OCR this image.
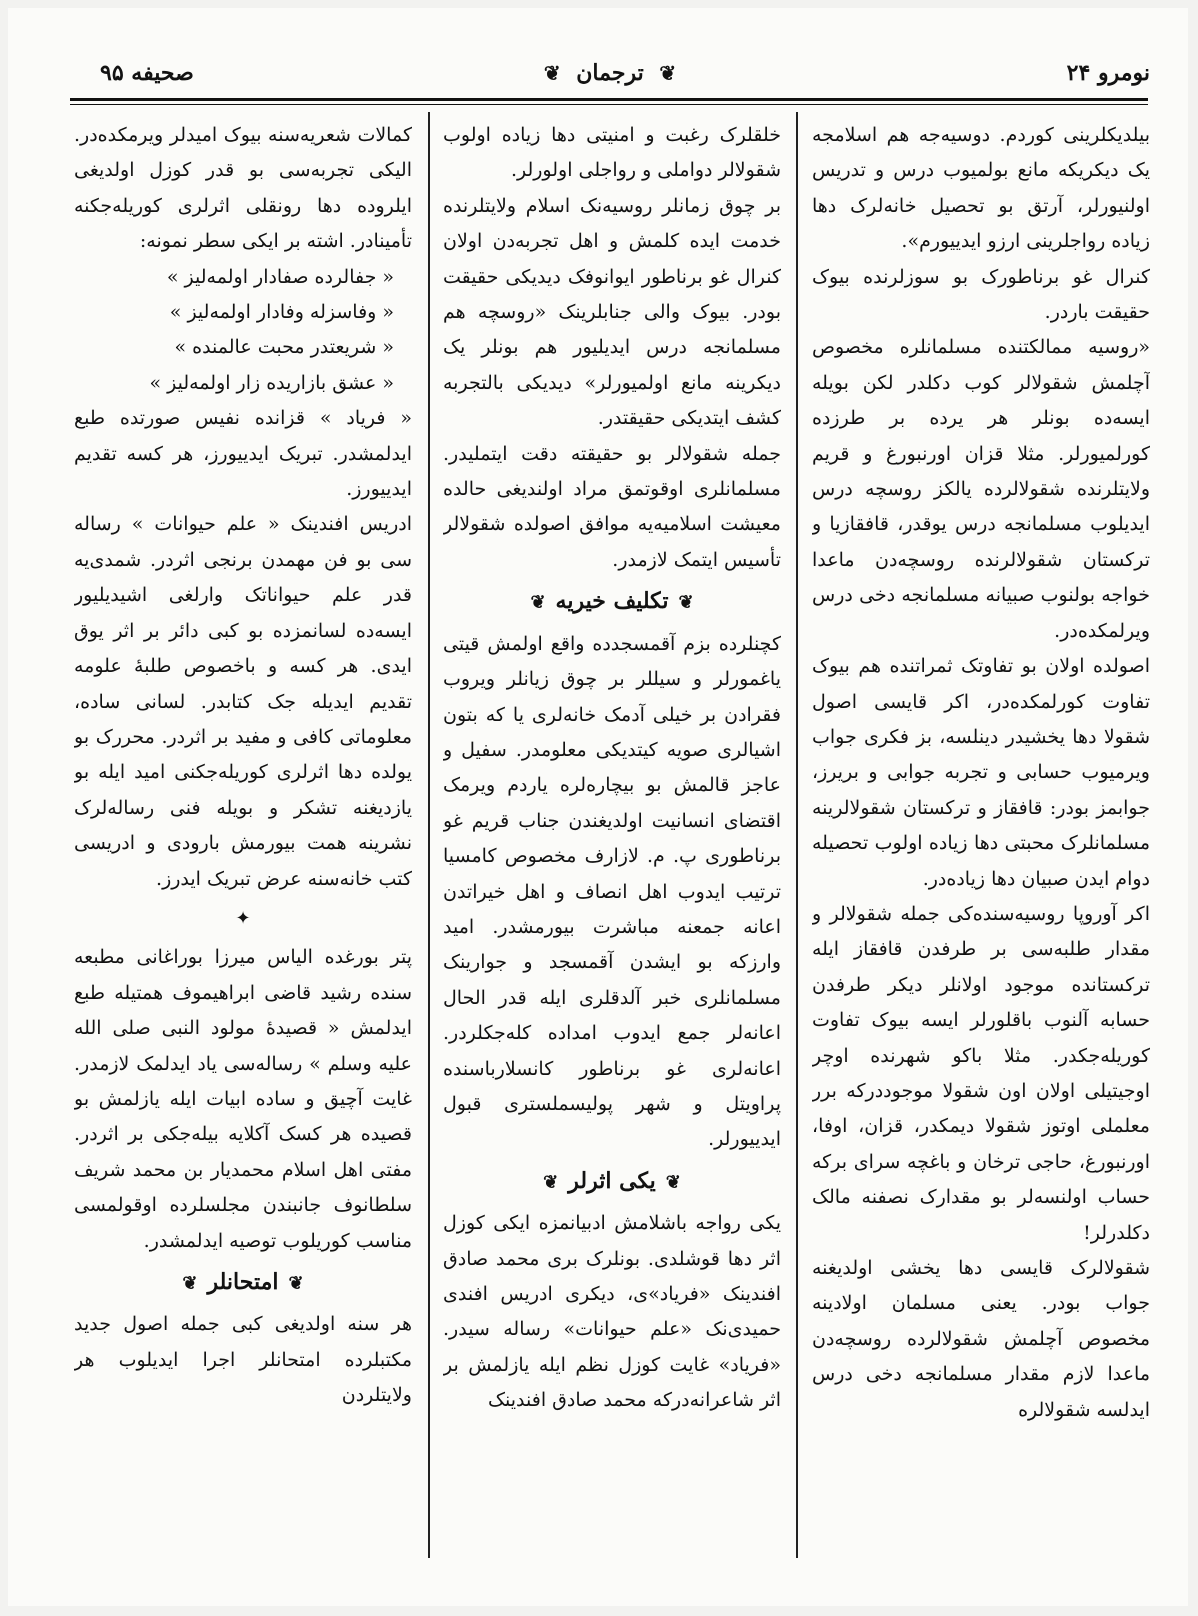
صحیفه ۹۵	❦ ترجمان ❦	نومرو ۲۴

بیلدیکلرینی کوردم. دوسیه‌جه هم اسلامجه یک دیکریکه مانع بولمیوب درس و تدریس اولنیورلر، آرتق بو تحصیل خانه‌لرک دها زیاده رواجلرینی ارزو ایدییورم».

کنرال غو برناطورک بو سوزلرنده بیوک حقیقت باردر.

«روسیه ممالکتنده مسلمانلره مخصوص آچلمش شقولالر کوب دکلدر لکن بویله ایسه‌ده بونلر هر یرده بر طرزده کورلمیورلر. مثلا قزان اورنبورغ و قریم ولایتلرنده شقولالرده یالکز روسچه درس ایدیلوب مسلمانجه درس یوقدر، قافقازیا و ترکستان شقولالرنده روسچه‌دن ماعدا خواجه بولنوب صبیانه مسلمانجه دخی درس ویرلمکده‌در.

اصولده اولان بو تفاوتک ثمراتنده هم بیوک تفاوت کورلمکده‌در، اکر قایسی اصول شقولا دها یخشیدر دینلسه، بز فکری جواب ویرمیوب حسابی و تجربه جوابی و بریرز، جوابمز بودر: قافقاز و ترکستان شقولالرینه مسلمانلرک محبتی دها زیاده اولوب تحصیله دوام ایدن صبیان دها زیاده‌در.

اکر آوروپا روسیه‌سنده‌کی جمله شقولالر و مقدار طلبه‌سی بر طرفدن قافقاز ایله ترکستانده موجود اولانلر دیکر طرفدن حسابه آلنوب باقلورلر ایسه بیوک تفاوت کوریله‌جکدر. مثلا باکو شهرنده اوچر اوجیتیلی اولان اون شقولا موجوددرکه برر معلملی اوتوز شقولا دیمکدر، قزان، اوفا، اورنبورغ، حاجی ترخان و باغچه سرای برکه حساب اولنسه‌لر بو مقدارک نصفنه مالک دکلدرلر!

شقولالرک قایسی دها یخشی اولدیغنه جواب بودر. یعنی مسلمان اولادینه مخصوص آچلمش شقولالرده روسچه‌دن ماعدا لازم مقدار مسلمانجه دخی درس ایدلسه شقولالره

خلقلرک رغبت و امنیتی دها زیاده اولوب شقولالر دواملی و رواجلی اولورلر.

بر چوق زمانلر روسیه‌نک اسلام ولایتلرنده خدمت ایده کلمش و اهل تجربه‌دن اولان کنرال غو برناطور ایوانوفک دیدیکی حقیقت بودر. بیوک والی جنابلرینک «روسچه هم مسلمانجه درس ایدیلیور هم بونلر یک دیکرینه مانع اولمیورلر» دیدیکی بالتجربه کشف ایتدیکی حقیقتدر.

جمله شقولالر بو حقیقته دقت ایتملیدر. مسلمانلری اوقوتمق مراد اولندیغی حالده معیشت اسلامیه‌یه موافق اصولده شقولالر تأسیس ایتمک لازمدر.

❦تکلیف خیریه❦

کچنلرده بزم آقمسجدده واقع اولمش قیتی یاغمورلر و سیللر بر چوق زیانلر ویروب فقرادن بر خیلی آدمک خانه‌لری یا که بتون اشیالری صویه کیتدیکی معلومدر. سفیل و عاجز قالمش بو بیچاره‌لره یاردم ویرمک اقتضای انسانیت اولدیغندن جناب قریم غو برناطوری پ. م. لازارف مخصوص کامسیا ترتیب ایدوب اهل انصاف و اهل خیراتدن اعانه جمعنه مباشرت بیورمشدر. امید وارزکه بو ایشدن آقمسجد و جوارینک مسلمانلری خبر آلدقلری ایله قدر الحال اعانه‌لر جمع ایدوب امداده کله‌جکلردر. اعانه‌لری غو برناطور کانسلارباسنده پراویتل و شهر پولیسملستری قبول ایدییورلر.

❦یکی اثرلر❦

یکی رواجه باشلامش ادبیانمزه ایکی کوزل اثر دها قوشلدی. بونلرک بری محمد صادق افندینک «فریاد»ی، دیکری ادریس افندی حمیدی‌نک «علم حیوانات» رساله سیدر. «فریاد» غایت کوزل نظم ایله یازلمش بر اثر شاعرانه‌درکه محمد صادق افندینک

کمالات شعریه‌سنه بیوک امیدلر ویرمکده‌در. الیکی تجربه‌سی بو قدر کوزل اولدیغی ایلروده دها رونقلی اثرلری کوریله‌جکنه تأمینادر. اشته بر ایکی سطر نمونه:

« جفالرده صفادار اولمه‌لیز »

« وفاسزله وفادار اولمه‌لیز »

« شریعتدر محبت عالمنده »

« عشق بازاریده زار اولمه‌لیز »

« فریاد » قزانده نفیس صورتده طبع ایدلمشدر. تبریک ایدییورز، هر کسه تقدیم ایدییورز.

ادریس افندینک « علم حیوانات » رساله سی بو فن مهمدن برنجی اثردر. شمدی‌یه قدر علم حیواناتک وارلغی اشیدیلیور ایسه‌ده لسانمزده بو کبی دائر بر اثر یوق ایدی. هر کسه و باخصوص طلبهٔ علومه تقدیم ایدیله جک کتابدر. لسانی ساده، معلوماتی کافی و مفید بر اثردر. محررک بو یولده دها اثرلری کوریله‌جکنی امید ایله بو یازدیغنه تشکر و بویله فنی رساله‌لرک نشرینه همت بیورمش بارودی و ادریسی کتب خانه‌سنه عرض تبریک ایدرز.

✦

پتر بورغده الیاس میرزا بوراغانی مطبعه سنده رشید قاضی ابراهیموف همتیله طبع ایدلمش « قصیدهٔ مولود النبی صلی الله علیه وسلم » رساله‌سی یاد ایدلمک لازمدر. غایت آچیق و ساده ابیات ایله یازلمش بو قصیده هر کسک آکلایه بیله‌جکی بر اثردر. مفتی اهل اسلام محمدیار بن محمد شریف سلطانوف جانبندن مجلسلرده اوقولمسی مناسب کوریلوب توصیه ایدلمشدر.

❦امتحانلر❦

هر سنه اولدیغی کبی جمله اصول جدید مکتبلرده امتحانلر اجرا ایدیلوب هر ولایتلردن
